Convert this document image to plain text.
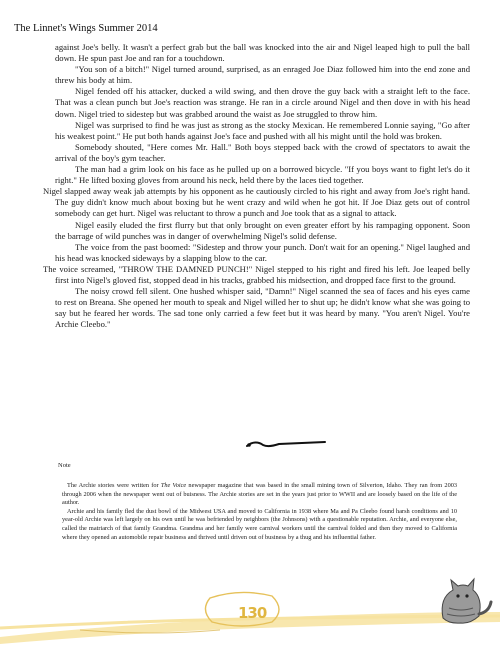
The Linnet's Wings Summer 2014

against Joe's belly. It wasn't a perfect grab but the ball was knocked into the air and Nigel leaped high to pull the ball down. He spun past Joe and ran for a touchdown.

"You son of a bitch!" Nigel turned around, surprised, as an enraged Joe Diaz followed him into the end zone and threw his body at him.

Nigel fended off his attacker, ducked a wild swing, and then drove the guy back with a straight left to the face. That was a clean punch but Joe's reaction was strange. He ran in a circle around Nigel and then dove in with his head down. Nigel tried to sidestep but was grabbed around the waist as Joe struggled to throw him.

Nigel was surprised to find he was just as strong as the stocky Mexican. He remembered Lonnie saying, "Go after his weakest point." He put both hands against Joe's face and pushed with all his might until the hold was broken.

Somebody shouted, "Here comes Mr. Hall." Both boys stepped back with the crowd of spectators to await the arrival of the boy's gym teacher.

The man had a grim look on his face as he pulled up on a borrowed bicycle. "If you boys want to fight let's do it right." He lifted boxing gloves from around his neck, held there by the laces tied together.

Nigel slapped away weak jab attempts by his opponent as he cautiously circled to his right and away from Joe's right hand. The guy didn't know much about boxing but he went crazy and wild when he got hit. If Joe Diaz gets out of control somebody can get hurt. Nigel was reluctant to throw a punch and Joe took that as a signal to attack.

Nigel easily eluded the first flurry but that only brought on even greater effort by his rampaging opponent. Soon the barrage of wild punches was in danger of overwhelming Nigel's solid defense.

The voice from the past boomed: "Sidestep and throw your punch. Don't wait for an opening." Nigel laughed and his head was knocked sideways by a slapping blow to the car.

The voice screamed, "THROW THE DAMNED PUNCH!" Nigel stepped to his right and fired his left. Joe leaped belly first into Nigel's gloved fist, stopped dead in his tracks, grabbed his midsection, and dropped face first to the ground.

The noisy crowd fell silent. One hushed whisper said, "Damn!" Nigel scanned the sea of faces and his eyes came to rest on Breana. She opened her mouth to speak and Nigel willed her to shut up; he didn't know what she was going to say but he feared her words. The sad tone only carried a few feet but it was heard by many. "You aren't Nigel. You're Archie Cleebo."

Note

The Archie stories were written for The Voice newspaper magazine that was based in the small mining town of Silverton, Idaho. They ran from 2003 through 2006 when the newspaper went out of buisness. The Archie stories are set in the years just prior to WWII and are loosely based on the life of the author.

Archie and his family fled the dust bowl of the Midwest USA and moved to California in 1938 where Ma and Pa Cleebo found harsh conditions and 10 year-old Archie was left largely on his own until he was befriended by neighbors (the Johnsons) with a questionable reputation. Archie, and everyone else, called the matriarch of that family Grandma. Grandma and her family were carnival workers until the carnival folded and then they moved to California where they opened an automobile repair business and thrived until driven out of business by a thug and his influential father.

130
